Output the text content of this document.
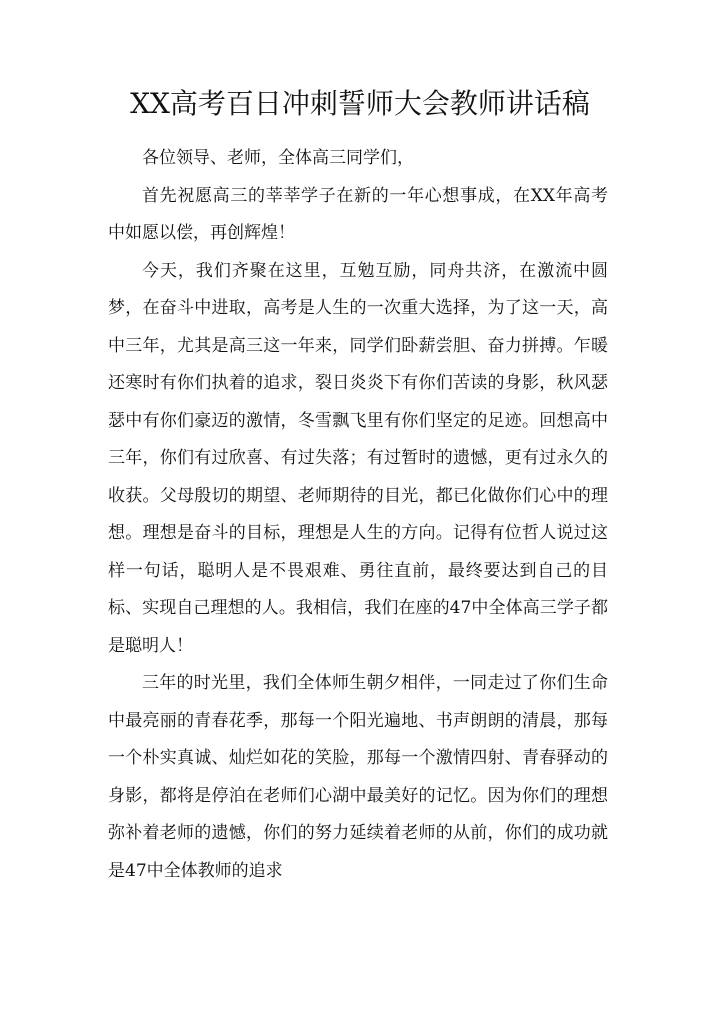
XX高考百日冲刺誓师大会教师讲话稿

各位领导、老师，全体高三同学们，

首先祝愿高三的莘莘学子在新的一年心想事成，在XX年高考中如愿以偿，再创辉煌！

今天，我们齐聚在这里，互勉互励，同舟共济，在激流中圆梦，在奋斗中进取，高考是人生的一次重大选择，为了这一天，高中三年，尤其是高三这一年来，同学们卧薪尝胆、奋力拼搏。乍暖还寒时有你们执着的追求，裂日炎炎下有你们苦读的身影，秋风瑟瑟中有你们豪迈的激情，冬雪飘飞里有你们坚定的足迹。回想高中三年，你们有过欣喜、有过失落；有过暂时的遗憾，更有过永久的收获。父母殷切的期望、老师期待的目光，都已化做你们心中的理想。理想是奋斗的目标，理想是人生的方向。记得有位哲人说过这样一句话，聪明人是不畏艰难、勇往直前，最终要达到自己的目标、实现自己理想的人。我相信，我们在座的47中全体高三学子都是聪明人！

三年的时光里，我们全体师生朝夕相伴，一同走过了你们生命中最亮丽的青春花季，那每一个阳光遍地、书声朗朗的清晨，那每一个朴实真诚、灿烂如花的笑脸，那每一个激情四射、青春驿动的身影，都将是停泊在老师们心湖中最美好的记忆。因为你们的理想弥补着老师的遗憾，你们的努力延续着老师的从前，你们的成功就是47中全体教师的追求
